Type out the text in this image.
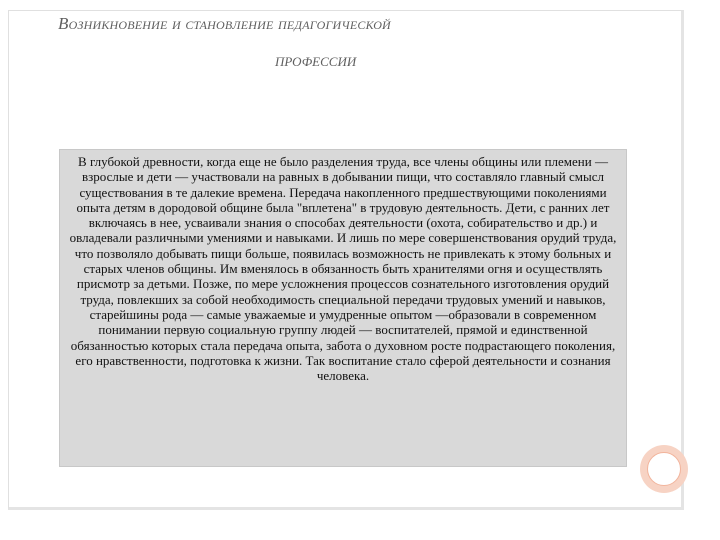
Возникновение и становление педагогической
ПРОФЕССИИ

В глубокой древности, когда еще не было разделения труда, все члены общины или племени — взрослые и дети — участвовали на равных в добывании пищи, что составляло главный смысл существования в те далекие времена. Передача накопленного предшествующими поколениями опыта детям в дородовой общине была "вплетена" в трудовую деятельность. Дети, с ранних лет включаясь в нее, усваивали знания о способах деятельности (охота, собирательство и др.) и овладевали различными умениями и навыками. И лишь по мере совершенствования орудий труда, что позволяло добывать пищи больше, появилась возможность не привлекать к этому больных и старых членов общины. Им вменялось в обязанность быть хранителями огня и осуществлять присмотр за детьми. Позже, по мере усложнения процессов сознательного изготовления орудий труда, повлекших за собой необходимость специальной передачи трудовых умений и навыков, старейшины рода — самые уважаемые и умудренные опытом —образовали в современном понимании первую социальную группу людей — воспитателей, прямой и единственной обязанностью которых стала передача опыта, забота о духовном росте подрастающего поколения, его нравственности, подготовка к жизни. Так воспитание стало сферой деятельности и сознания человека.
